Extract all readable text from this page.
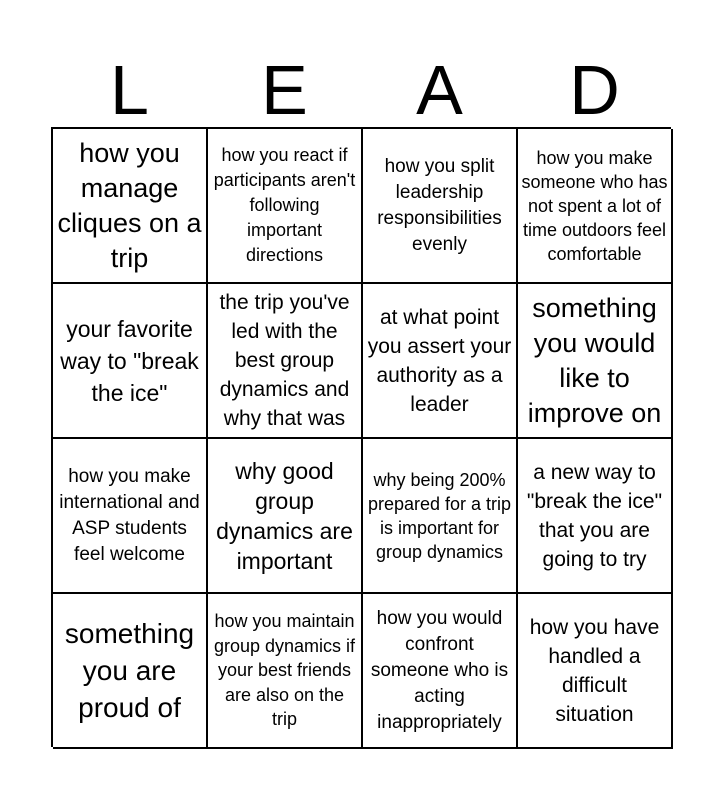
L	E	A	D
how you manage cliques on a trip
how you react if participants aren't following important directions
how you split leadership responsibilities evenly
how you make someone who has not spent a lot of time outdoors feel comfortable
your favorite way to "break the ice"
the trip you've led with the best group dynamics and why that was
at what point you assert your authority as a leader
something you would like to improve on
how you make international and ASP students feel welcome
why good group dynamics are important
why being 200% prepared for a trip is important for group dynamics
a new way to "break the ice" that you are going to try
something you are proud of
how you maintain group dynamics if your best friends are also on the trip
how you would confront someone who is acting inappropriately
how you have handled a difficult situation
